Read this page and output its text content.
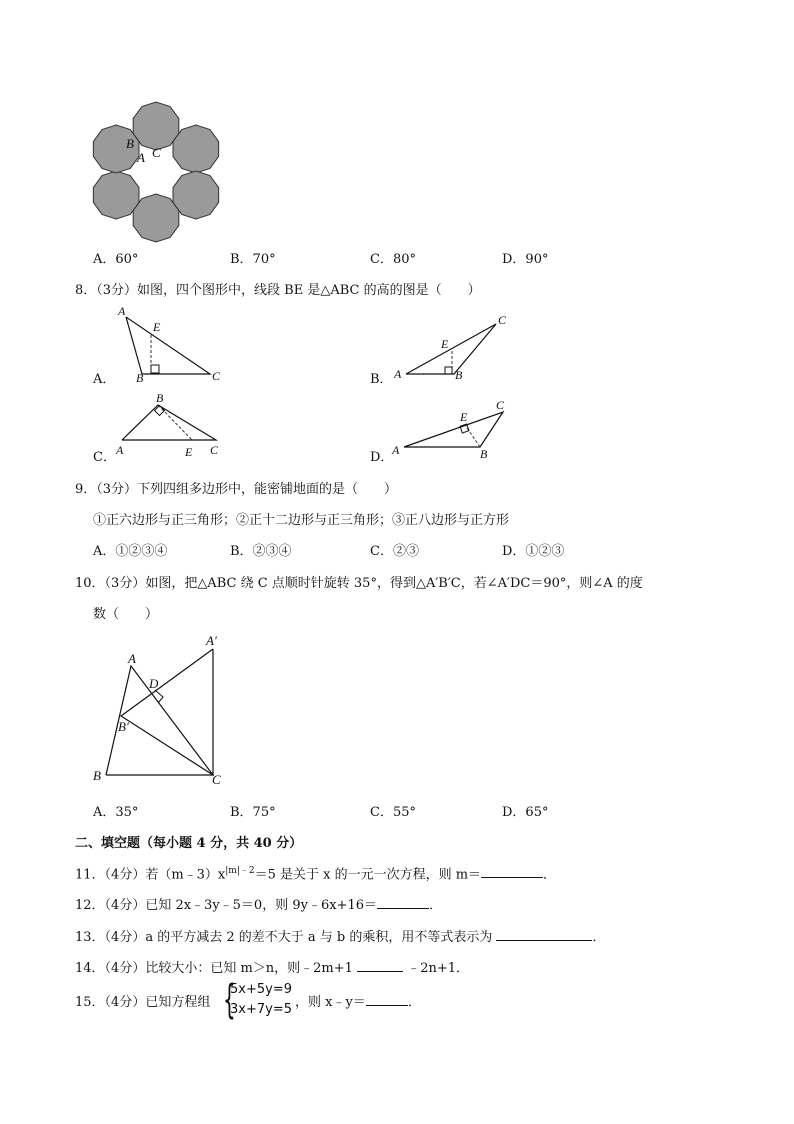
B
A C
A．60°	B．70°	C．80°	D．90°
8．（3分）如图，四个图形中，线段 BE 是△ABC 的高的图是（　　）
A．
A
E
B	C	B．
C
E
A	B
C．
B
A	E C	D．
C
E
A	B
9．（3分）下列四组多边形中，能密铺地面的是（　　）
①正六边形与正三角形；②正十二边形与正三角形；③正八边形与正方形
A．①②③④	B．②③④	C．②③	D．①②③
10．（3分）如图，把△ABC 绕 C 点顺时针旋转 35°，得到△A′B′C，若∠A′DC＝90°，则∠A 的度
数（　　）
A′
A
D
B′
B	C
A．35°	B．75°	C．55°	D．65°
二、填空题（每小题 4 分，共 40 分）
11．（4分）若$(m﹣3)x^{|m|﹣2}=5$ 是关于 x 的一元一次方程，则 m＝	．
12．（4分）已知 2x﹣3y﹣5＝0，则 9y﹣6x+16＝	．
13．（4分）a 的平方减去 2 的差不大于 a 与 b 的乘积，用不等式表示为	．
14．（4分）比较大小：已知 m＞n，则﹣2m+1	﹣2n+1．
15．（4分）已知方程组 {
5x+5y=9
3x+7y=5 ，则 x﹣y＝	．
